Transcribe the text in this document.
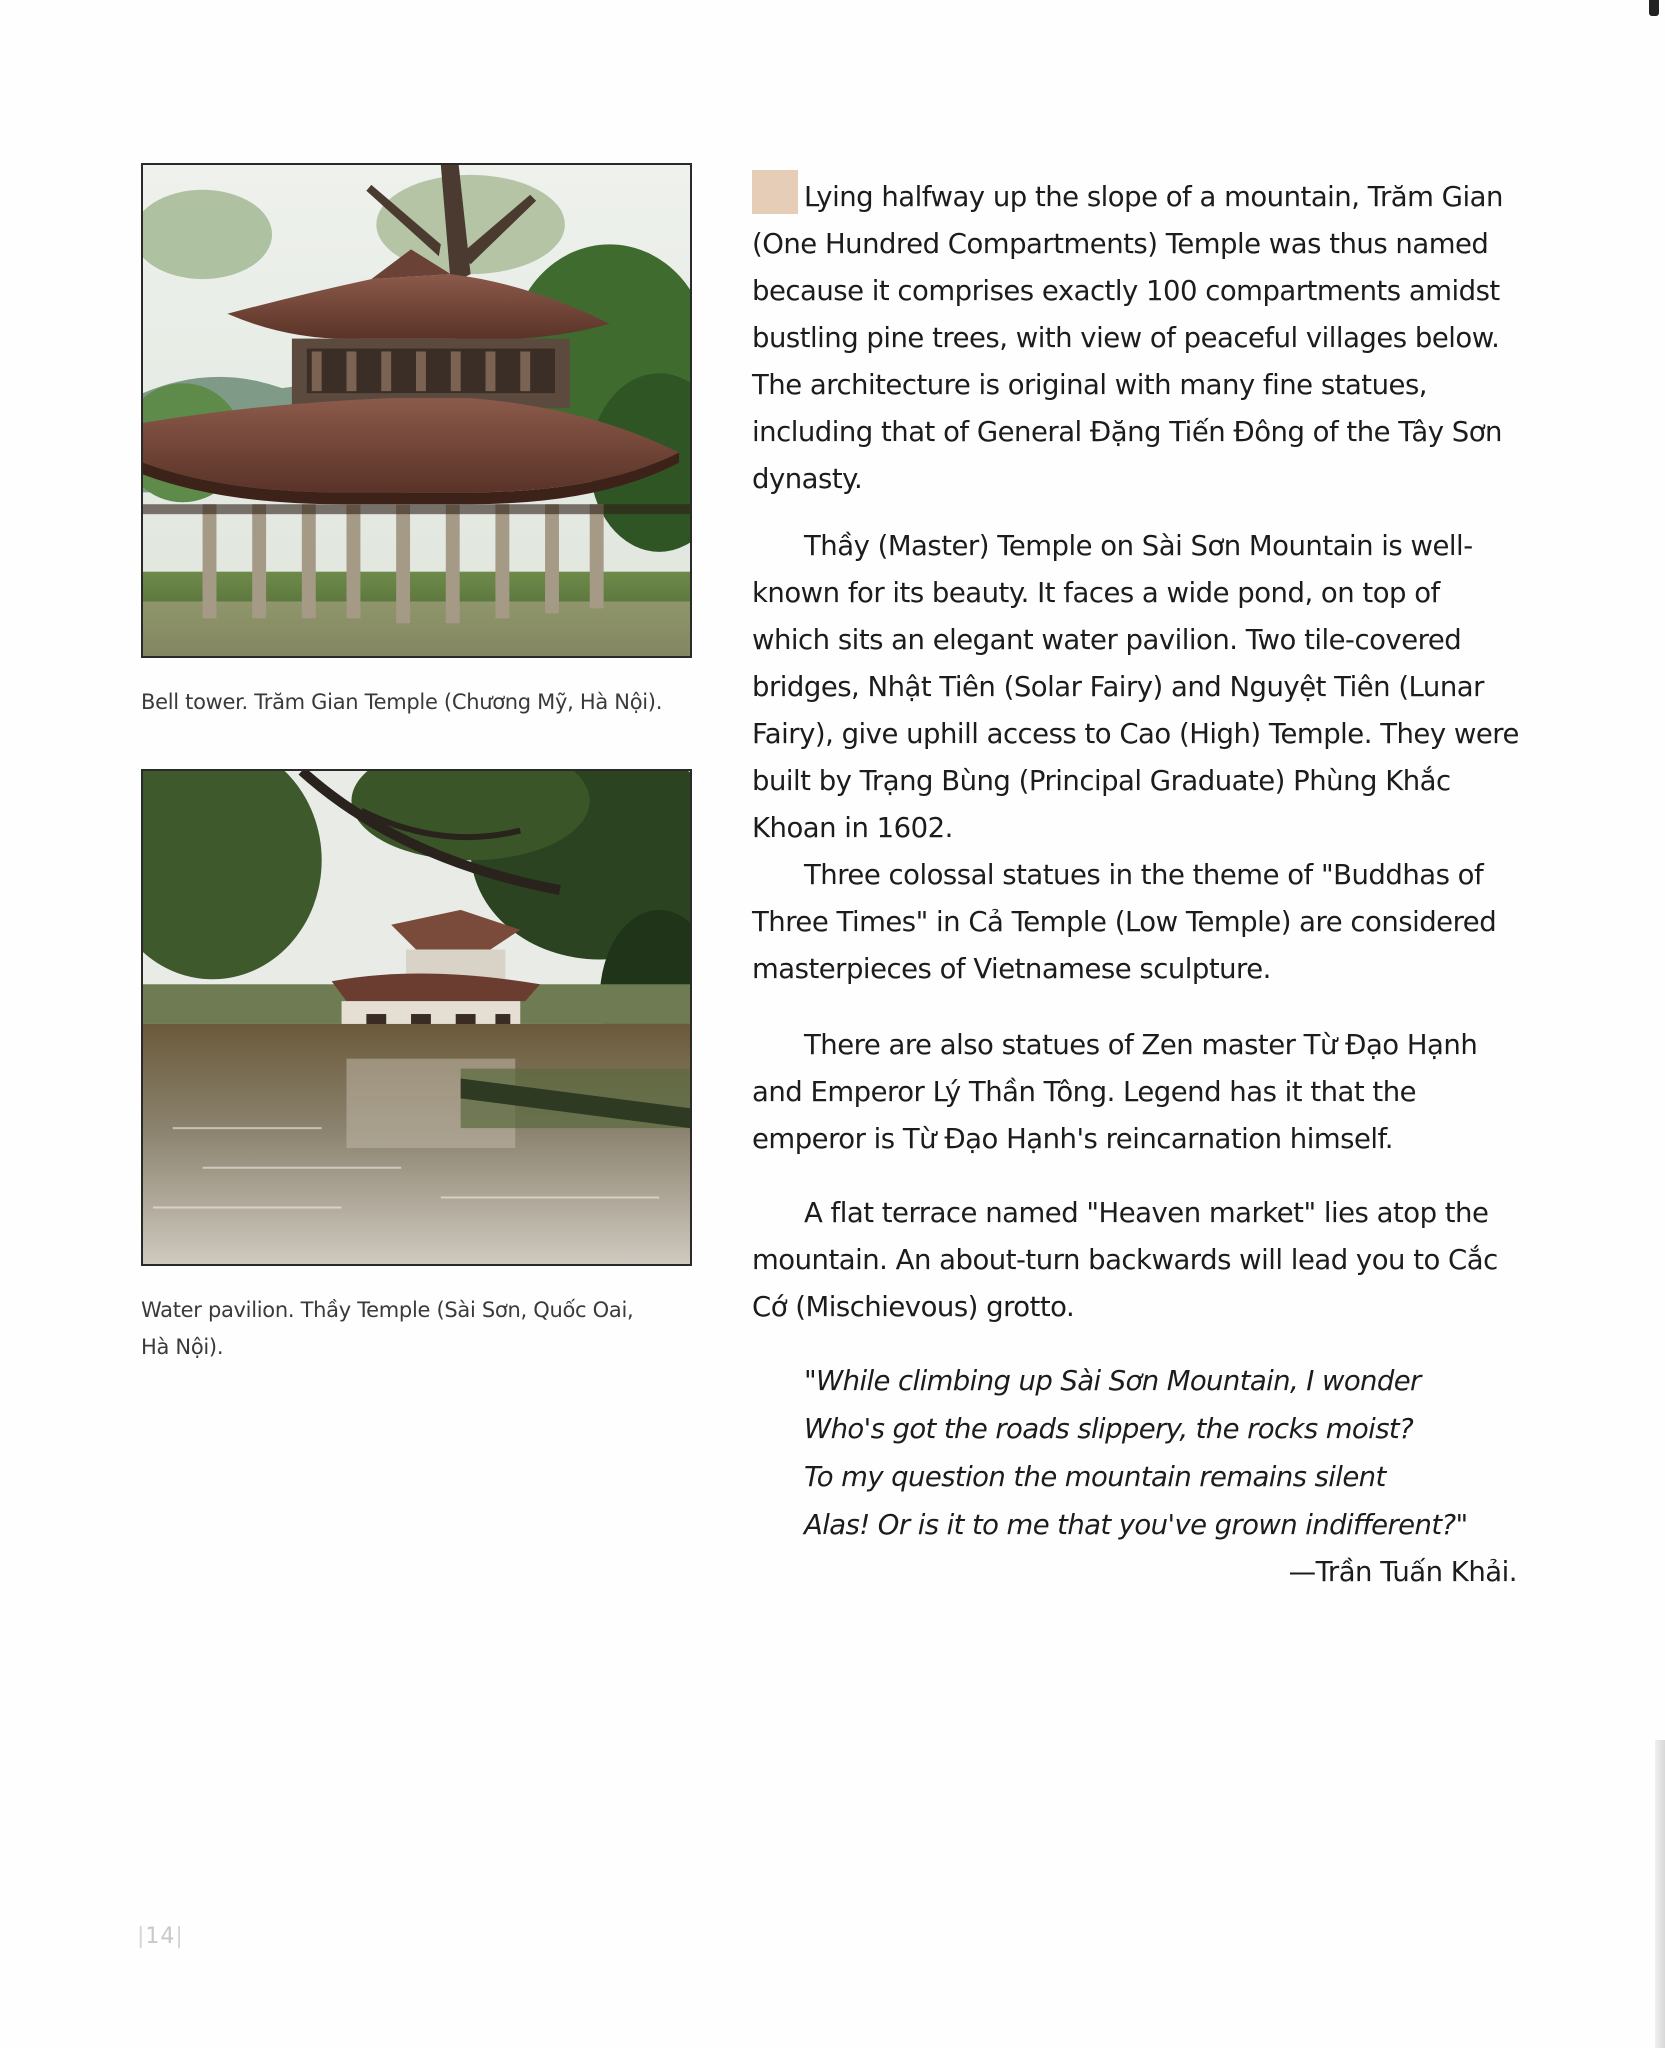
Bell tower. Trăm Gian Temple (Chương Mỹ, Hà Nội).
Water pavilion. Thầy Temple (Sài Sơn, Quốc Oai,
Hà Nội).

Lying halfway up the slope of a mountain, Trăm Gian (One Hundred Compartments) Temple was thus named because it comprises exactly 100 compartments amidst bustling pine trees, with view of peaceful villages below. The architecture is original with many fine statues, including that of General Đặng Tiến Đông of the Tây Sơn dynasty.

Thầy (Master) Temple on Sài Sơn Mountain is well-known for its beauty. It faces a wide pond, on top of which sits an elegant water pavilion. Two tile-covered bridges, Nhật Tiên (Solar Fairy) and Nguyệt Tiên (Lunar Fairy), give uphill access to Cao (High) Temple. They were built by Trạng Bùng (Principal Graduate) Phùng Khắc Khoan in 1602.

Three colossal statues in the theme of "Buddhas of Three Times" in Cả Temple (Low Temple) are considered masterpieces of Vietnamese sculpture.

There are also statues of Zen master Từ Đạo Hạnh and Emperor Lý Thần Tông. Legend has it that the emperor is Từ Đạo Hạnh's reincarnation himself.

A flat terrace named "Heaven market" lies atop the mountain. An about-turn backwards will lead you to Cắc Cớ (Mischievous) grotto.

"While climbing up Sài Sơn Mountain, I wonder
Who's got the roads slippery, the rocks moist?
To my question the mountain remains silent
Alas! Or is it to me that you've grown indifferent?"
—Trần Tuấn Khải.
|14|
